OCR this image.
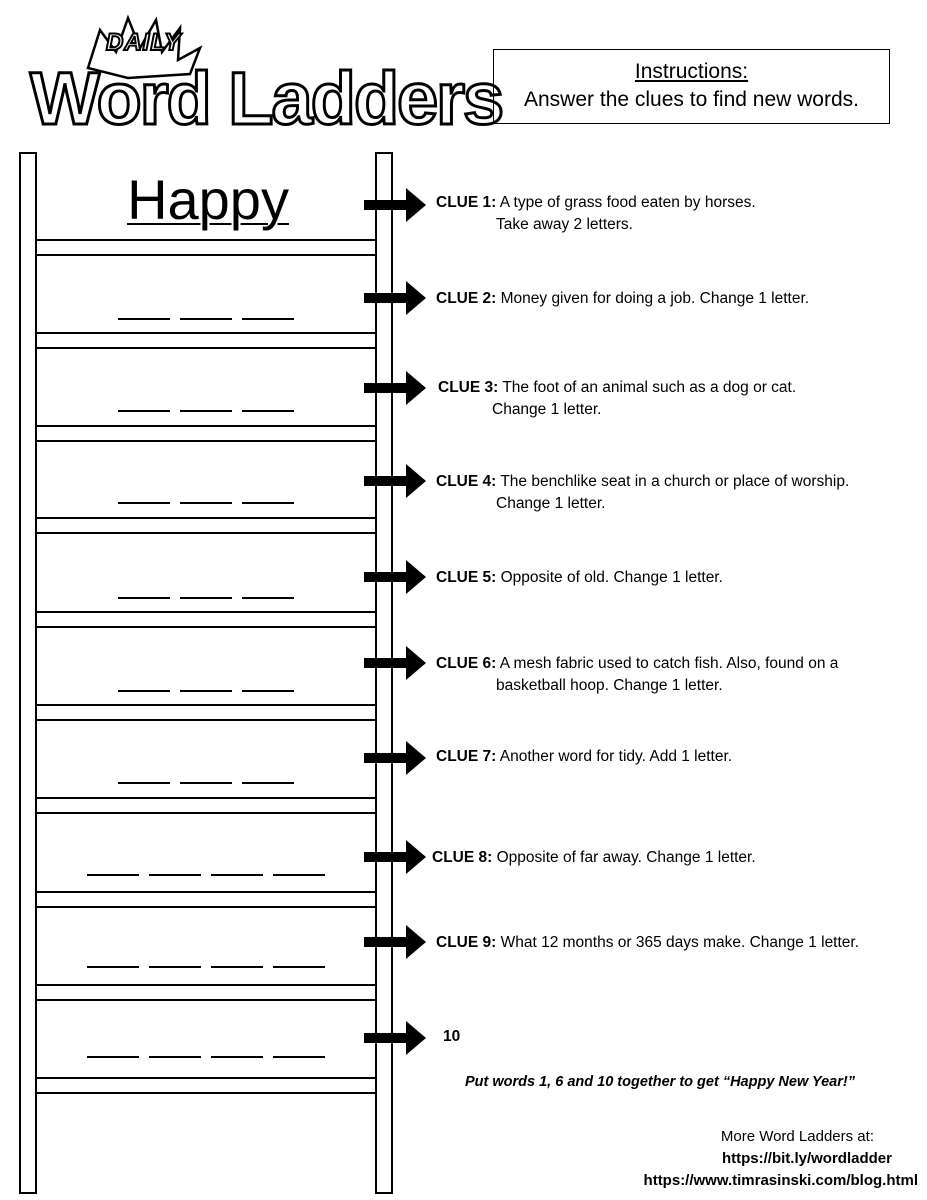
DAILY
Word Ladders	Instructions:
Answer the clues to find new words.
Happy	CLUE 1: A type of grass food eaten by horses.
Take away 2 letters.
CLUE 2: Money given for doing a job. Change 1 letter.
CLUE 3: The foot of an animal such as a dog or cat.
Change 1 letter.
CLUE 4: The benchlike seat in a church or place of worship.
Change 1 letter.
CLUE 5: Opposite of old. Change 1 letter.
CLUE 6: A mesh fabric used to catch fish. Also, found on a
basketball hoop. Change 1 letter.
CLUE 7: Another word for tidy. Add 1 letter.
CLUE 8: Opposite of far away. Change 1 letter.
CLUE 9: What 12 months or 365 days make. Change 1 letter.
10
Put words 1, 6 and 10 together to get “Happy New Year!”
More Word Ladders at:
https://bit.ly/wordladder
https://www.timrasinski.com/blog.html
